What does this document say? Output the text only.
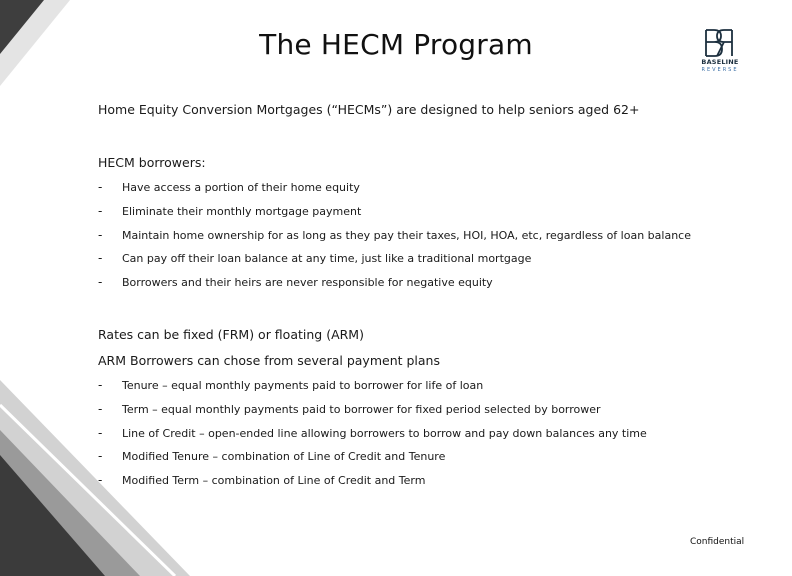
The HECM Program
BASELINE
REVERSE
Home Equity Conversion Mortgages (“HECMs”) are designed to help seniors aged 62+
HECM borrowers:
- Have access a portion of their home equity
- Eliminate their monthly mortgage payment
- Maintain home ownership for as long as they pay their taxes, HOI, HOA, etc, regardless of loan balance
- Can pay off their loan balance at any time, just like a traditional mortgage
- Borrowers and their heirs are never responsible for negative equity
Rates can be fixed (FRM) or floating (ARM)
ARM Borrowers can chose from several payment plans
- Tenure – equal monthly payments paid to borrower for life of loan
- Term – equal monthly payments paid to borrower for fixed period selected by borrower
- Line of Credit – open-ended line allowing borrowers to borrow and pay down balances any time
- Modified Tenure – combination of Line of Credit and Tenure
- Modified Term – combination of Line of Credit and Term
Confidential
